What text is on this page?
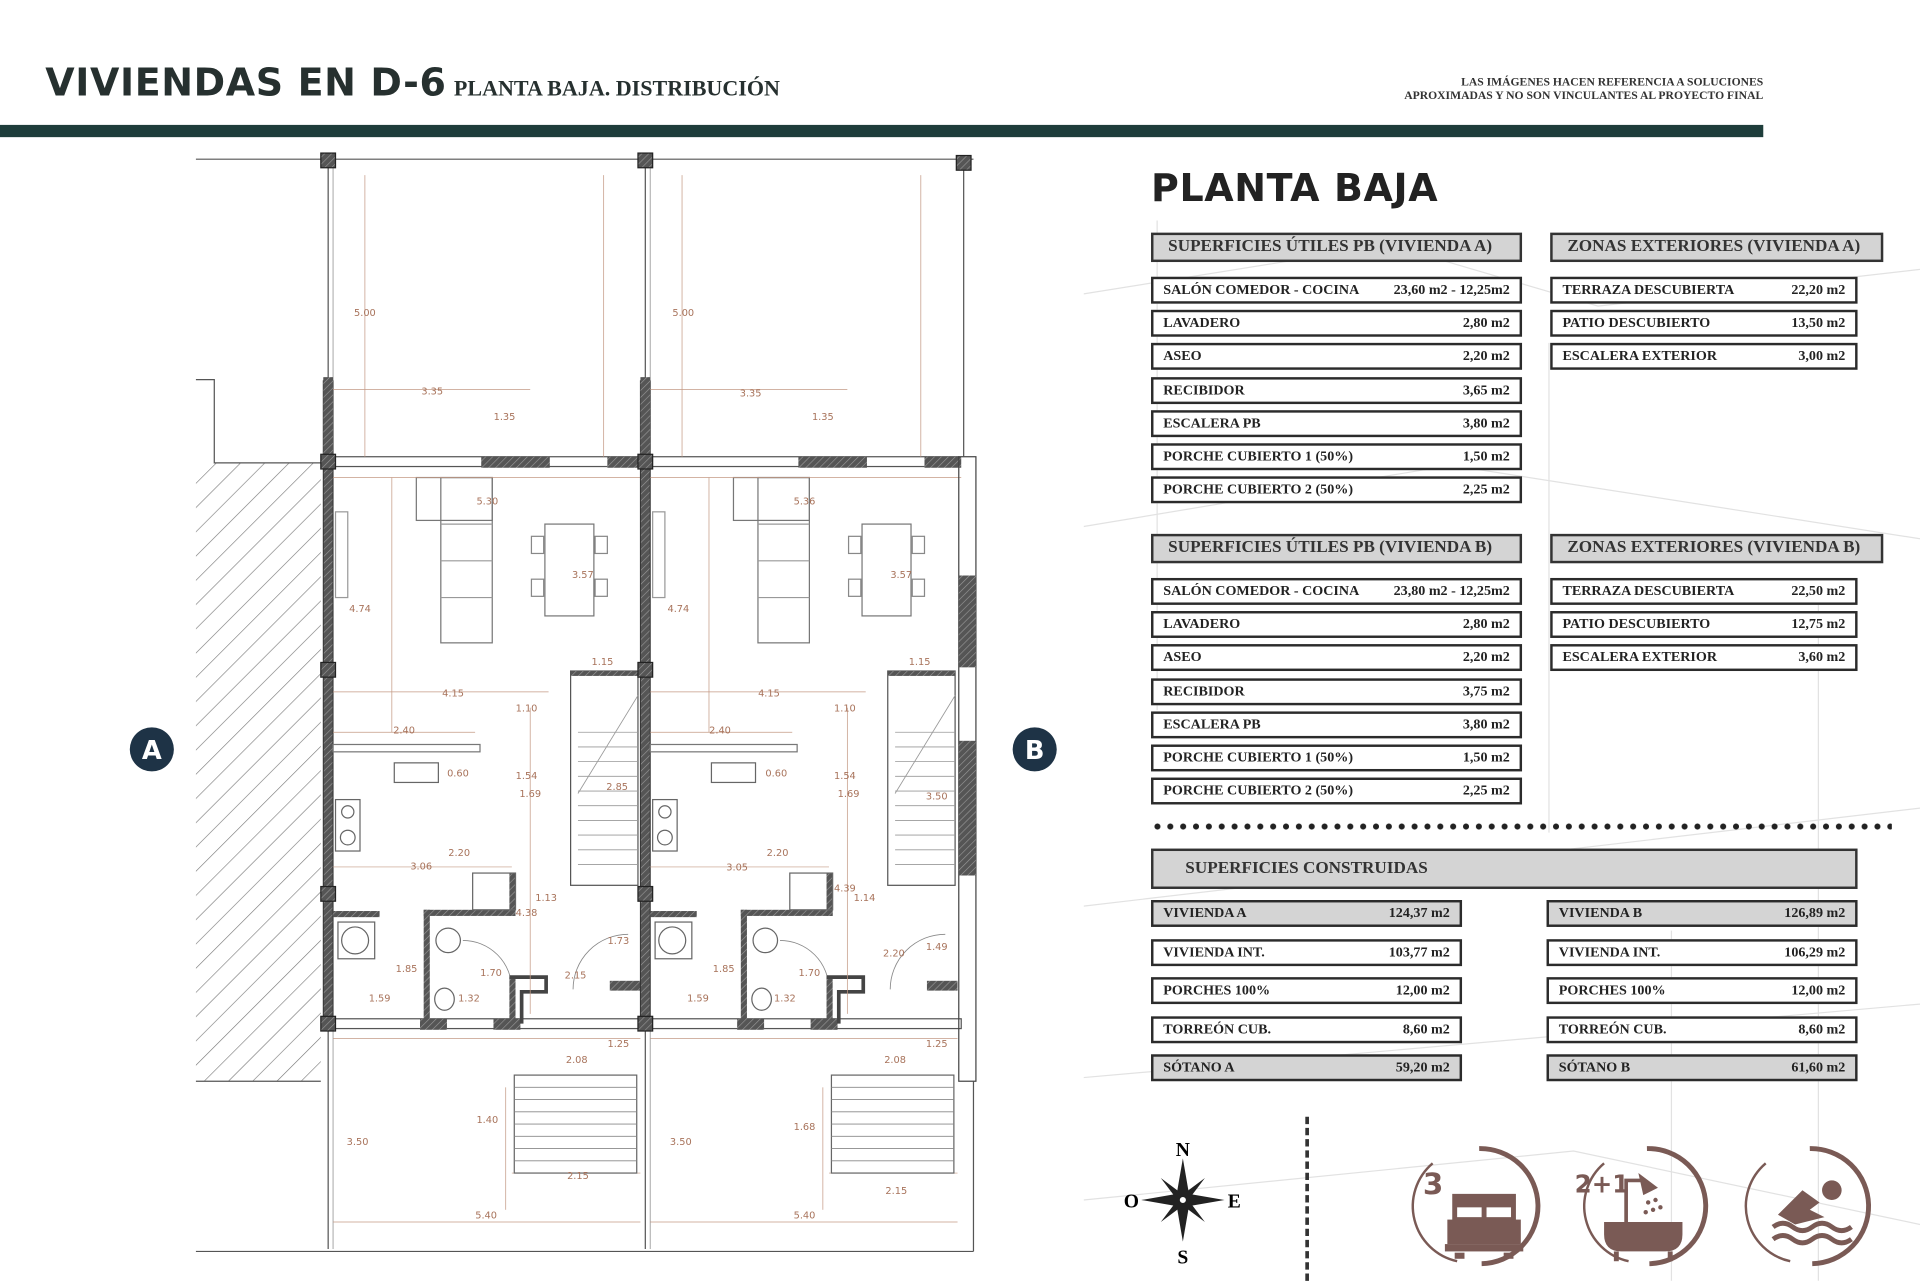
VIVIENDAS EN D-6 PLANTA BAJA. DISTRIBUCIÓN	LAS IMÁGENES HACEN REFERENCIA A SOLUCIONES
APROXIMADAS Y NO SON VINCULANTES AL PROYECTO FINAL
5.00
3.35
1.35
5.30
3.57
4.74
1.15
4.15
1.10
2.40
0.60	1.54
1.69
2.85
2.20
3.06
1.13
4.38
1.73
1.85	1.70	2.15
1.59	1.32
1.25
2.08
1.40
3.50
2.15
5.40
5.00
3.35
1.35
5.36
3.57
4.74
1.15
4.15
1.10
2.40
0.60	1.54
1.69	3.50
2.20
3.05
4.39
1.14
2.20
1.49
1.85	1.70
1.59	1.32
1.25
2.08
1.68
3.50
2.15
5.40
A	B
PLANTA BAJA
SUPERFICIES ÚTILES PB (VIVIENDA A)
SALÓN COMEDOR - COCINA	23,60 m2 - 12,25m2
LAVADERO	2,80 m2
ASEO	2,20 m2
RECIBIDOR	3,65 m2
ESCALERA PB	3,80 m2
PORCHE CUBIERTO 1 (50%)	1,50 m2
PORCHE CUBIERTO 2 (50%)	2,25 m2
ZONAS EXTERIORES (VIVIENDA A)
TERRAZA DESCUBIERTA	22,20 m2
PATIO DESCUBIERTO	13,50 m2
ESCALERA EXTERIOR	3,00 m2
SUPERFICIES ÚTILES PB (VIVIENDA B)
SALÓN COMEDOR - COCINA	23,80 m2 - 12,25m2
LAVADERO	2,80 m2
ASEO	2,20 m2
RECIBIDOR	3,75 m2
ESCALERA PB	3,80 m2
PORCHE CUBIERTO 1 (50%)	1,50 m2
PORCHE CUBIERTO 2 (50%)	2,25 m2
ZONAS EXTERIORES (VIVIENDA B)
TERRAZA DESCUBIERTA	22,50 m2
PATIO DESCUBIERTO	12,75 m2
ESCALERA EXTERIOR	3,60 m2
SUPERFICIES CONSTRUIDAS
VIVIENDA A	124,37 m2
VIVIENDA INT.	103,77 m2
PORCHES 100%	12,00 m2
TORREÓN CUB.	8,60 m2
SÓTANO A	59,20 m2
VIVIENDA B	126,89 m2
VIVIENDA INT.	106,29 m2
PORCHES 100%	12,00 m2
TORREÓN CUB.	8,60 m2
SÓTANO B	61,60 m2
N
O	E
S
3	2+1
